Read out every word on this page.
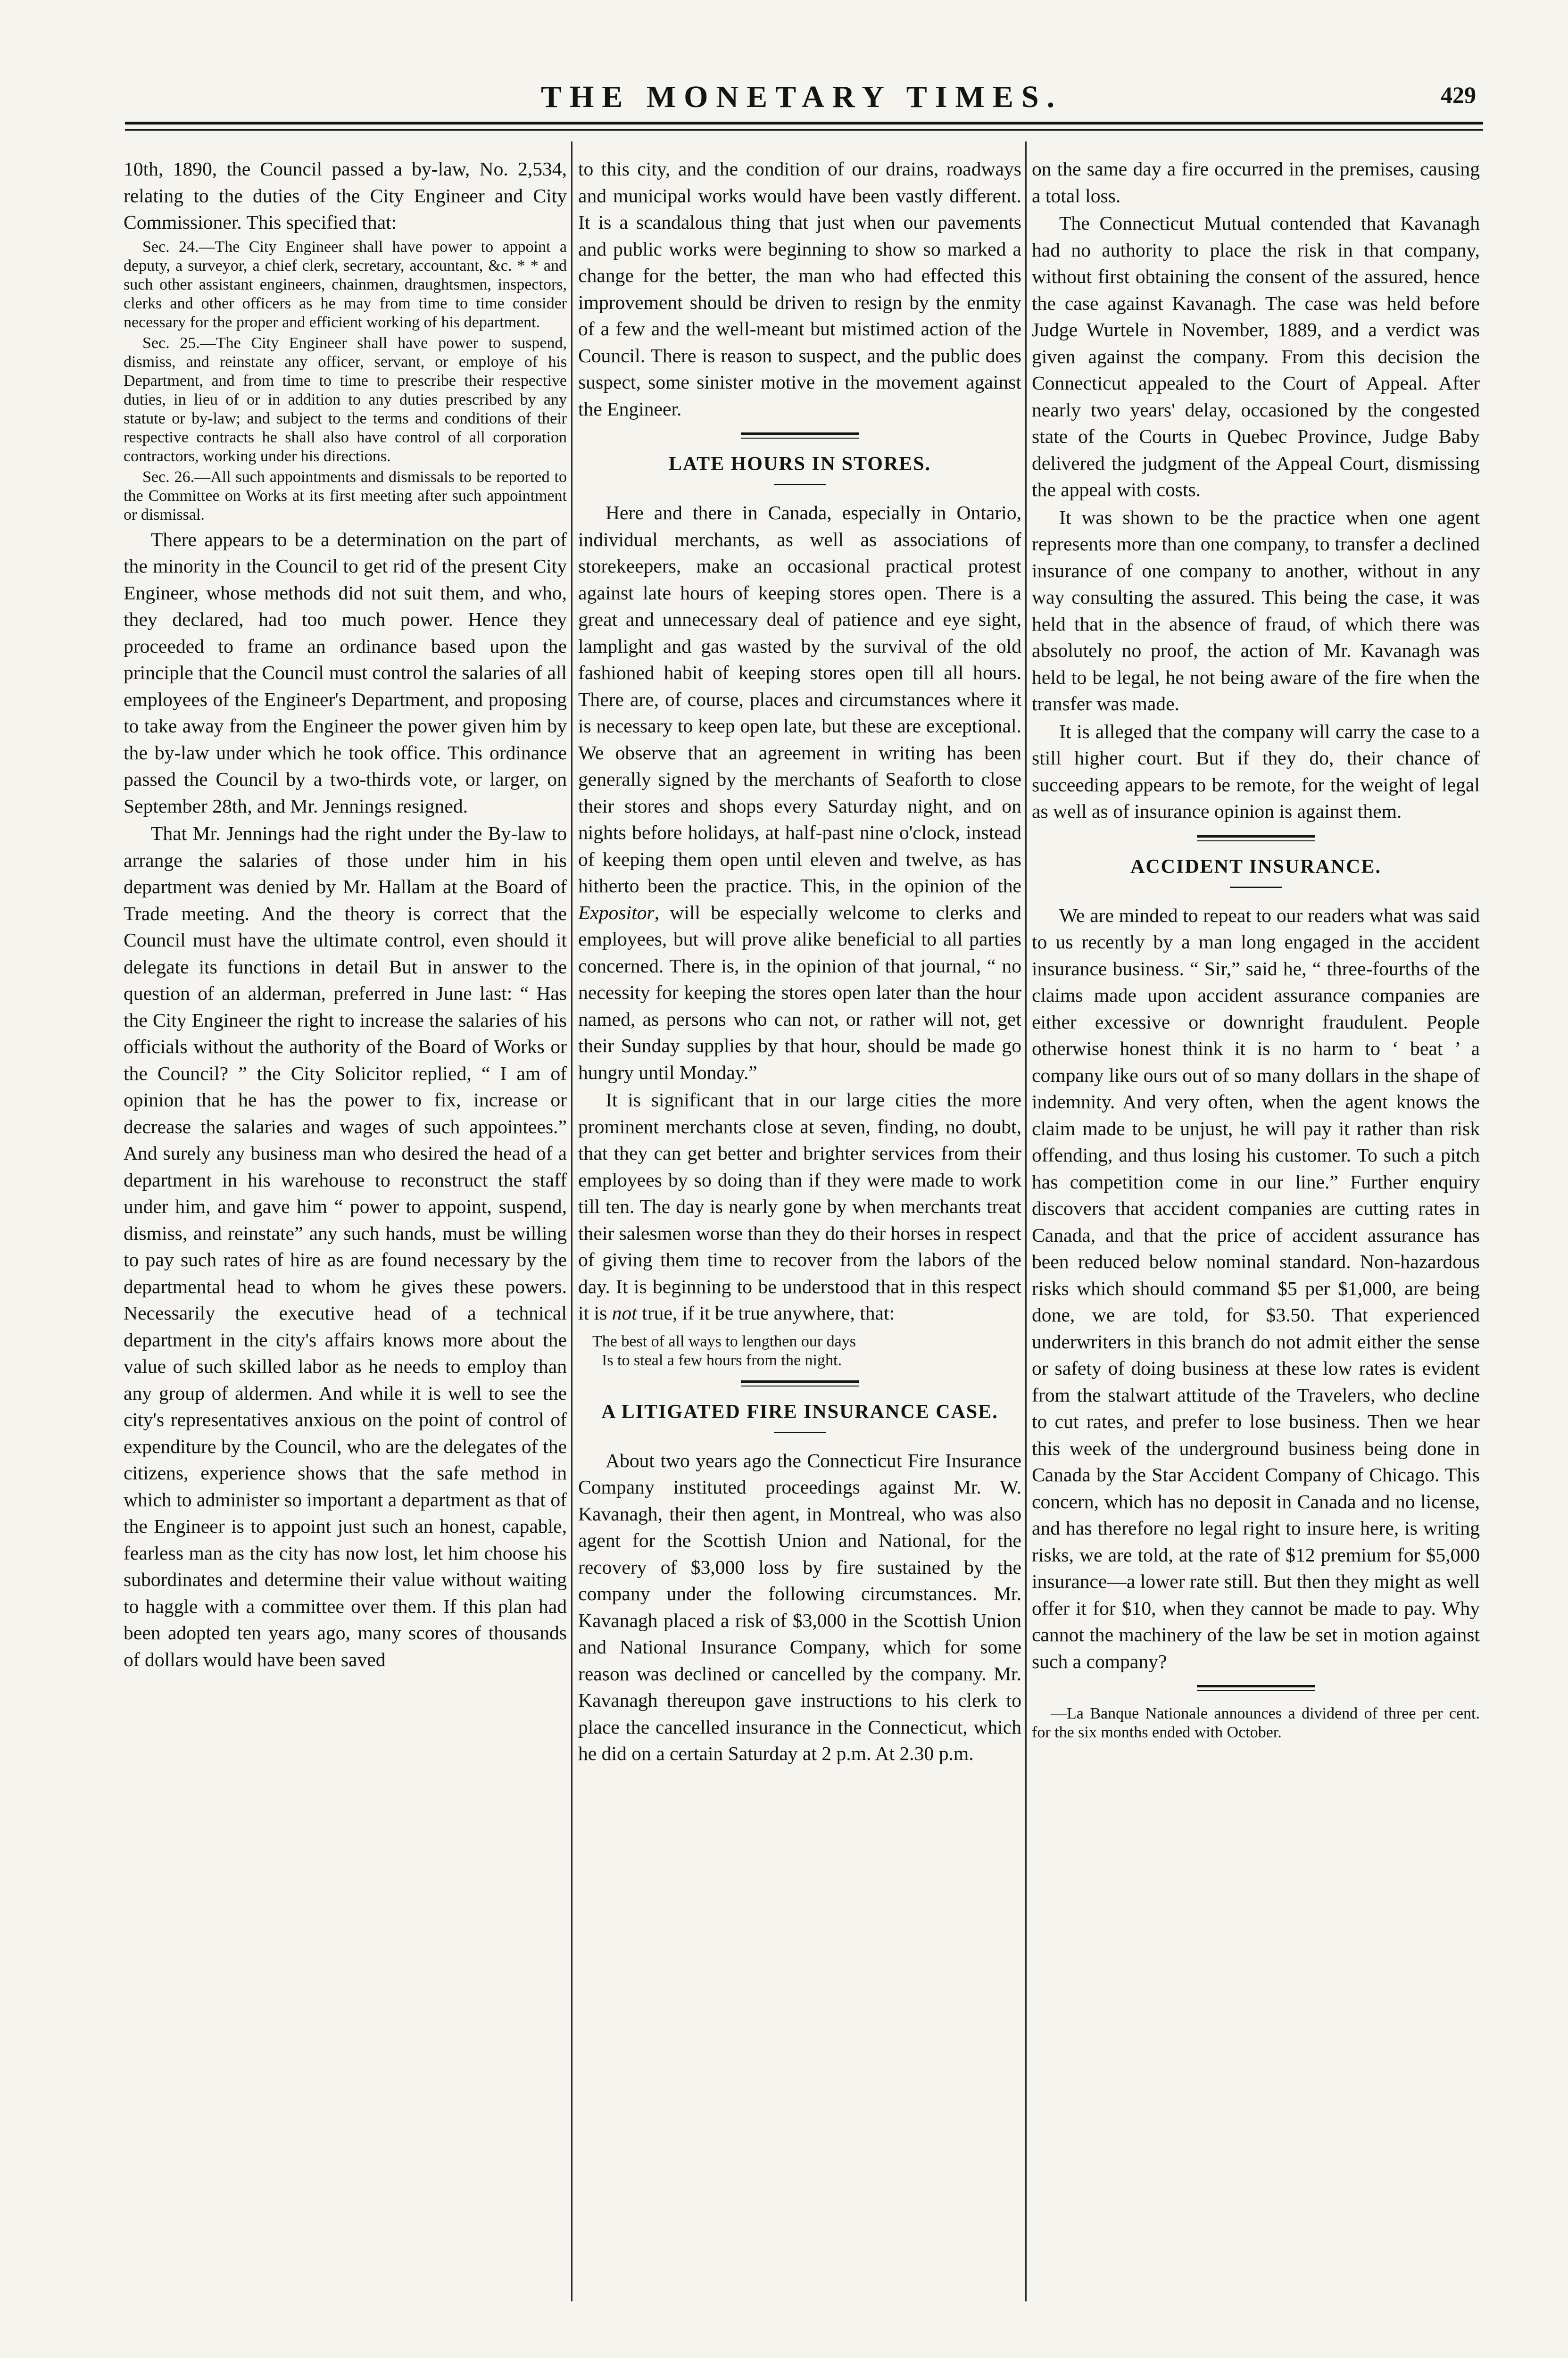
THE MONETARY TIMES.	429

10th, 1890, the Council passed a by-law, No. 2,534, relating to the duties of the City Engineer and City Commissioner. This specified that:

Sec. 24.—The City Engineer shall have power to appoint a deputy, a surveyor, a chief clerk, secretary, accountant, &c. * * and such other assistant engineers, chainmen, draughtsmen, inspectors, clerks and other officers as he may from time to time consider necessary for the proper and efficient working of his department.

Sec. 25.—The City Engineer shall have power to suspend, dismiss, and reinstate any officer, servant, or employe of his Department, and from time to time to prescribe their respective duties, in lieu of or in addition to any duties prescribed by any statute or by-law; and subject to the terms and conditions of their respective contracts he shall also have control of all corporation contractors, working under his directions.

Sec. 26.—All such appointments and dismissals to be reported to the Committee on Works at its first meeting after such appointment or dismissal.

There appears to be a determination on the part of the minority in the Council to get rid of the present City Engineer, whose methods did not suit them, and who, they declared, had too much power. Hence they proceeded to frame an ordinance based upon the principle that the Council must control the salaries of all employees of the Engineer's Department, and proposing to take away from the Engineer the power given him by the by-law under which he took office. This ordinance passed the Council by a two-thirds vote, or larger, on September 28th, and Mr. Jennings resigned.

That Mr. Jennings had the right under the By-law to arrange the salaries of those under him in his department was denied by Mr. Hallam at the Board of Trade meeting. And the theory is correct that the Council must have the ultimate control, even should it delegate its functions in detail But in answer to the question of an alderman, preferred in June last: “ Has the City Engineer the right to increase the salaries of his officials without the authority of the Board of Works or the Council? ” the City Solicitor replied, “ I am of opinion that he has the power to fix, increase or decrease the salaries and wages of such appointees.” And surely any business man who desired the head of a department in his warehouse to reconstruct the staff under him, and gave him “ power to appoint, suspend, dismiss, and reinstate” any such hands, must be willing to pay such rates of hire as are found necessary by the departmental head to whom he gives these powers. Necessarily the executive head of a technical department in the city's affairs knows more about the value of such skilled labor as he needs to employ than any group of aldermen. And while it is well to see the city's representatives anxious on the point of control of expenditure by the Council, who are the delegates of the citizens, experience shows that the safe method in which to administer so important a department as that of the Engineer is to appoint just such an honest, capable, fearless man as the city has now lost, let him choose his subordinates and determine their value without waiting to haggle with a committee over them. If this plan had been adopted ten years ago, many scores of thousands of dollars would have been saved

to this city, and the condition of our drains, roadways and municipal works would have been vastly different. It is a scandalous thing that just when our pavements and public works were beginning to show so marked a change for the better, the man who had effected this improvement should be driven to resign by the enmity of a few and the well-meant but mistimed action of the Council. There is reason to suspect, and the public does suspect, some sinister motive in the movement against the Engineer.

LATE HOURS IN STORES.

Here and there in Canada, especially in Ontario, individual merchants, as well as associations of storekeepers, make an occasional practical protest against late hours of keeping stores open. There is a great and unnecessary deal of patience and eye sight, lamplight and gas wasted by the survival of the old fashioned habit of keeping stores open till all hours. There are, of course, places and circumstances where it is necessary to keep open late, but these are exceptional. We observe that an agreement in writing has been generally signed by the merchants of Seaforth to close their stores and shops every Saturday night, and on nights before holidays, at half-past nine o'clock, instead of keeping them open until eleven and twelve, as has hitherto been the practice. This, in the opinion of the Expositor, will be especially welcome to clerks and employees, but will prove alike beneficial to all parties concerned. There is, in the opinion of that journal, “ no necessity for keeping the stores open later than the hour named, as persons who can not, or rather will not, get their Sunday supplies by that hour, should be made go hungry until Monday.”

It is significant that in our large cities the more prominent merchants close at seven, finding, no doubt, that they can get better and brighter services from their employees by so doing than if they were made to work till ten. The day is nearly gone by when merchants treat their salesmen worse than they do their horses in respect of giving them time to recover from the labors of the day. It is beginning to be understood that in this respect it is not true, if it be true anywhere, that:

The best of all ways to lengthen our days
Is to steal a few hours from the night.
A LITIGATED FIRE INSURANCE CASE.

About two years ago the Connecticut Fire Insurance Company instituted proceedings against Mr. W. Kavanagh, their then agent, in Montreal, who was also agent for the Scottish Union and National, for the recovery of $3,000 loss by fire sustained by the company under the following circumstances. Mr. Kavanagh placed a risk of $3,000 in the Scottish Union and National Insurance Company, which for some reason was declined or cancelled by the company. Mr. Kavanagh thereupon gave instructions to his clerk to place the cancelled insurance in the Connecticut, which he did on a certain Saturday at 2 p.m. At 2.30 p.m.

on the same day a fire occurred in the premises, causing a total loss.

The Connecticut Mutual contended that Kavanagh had no authority to place the risk in that company, without first obtaining the consent of the assured, hence the case against Kavanagh. The case was held before Judge Wurtele in November, 1889, and a verdict was given against the company. From this decision the Connecticut appealed to the Court of Appeal. After nearly two years' delay, occasioned by the congested state of the Courts in Quebec Province, Judge Baby delivered the judgment of the Appeal Court, dismissing the appeal with costs.

It was shown to be the practice when one agent represents more than one company, to transfer a declined insurance of one company to another, without in any way consulting the assured. This being the case, it was held that in the absence of fraud, of which there was absolutely no proof, the action of Mr. Kavanagh was held to be legal, he not being aware of the fire when the transfer was made.

It is alleged that the company will carry the case to a still higher court. But if they do, their chance of succeeding appears to be remote, for the weight of legal as well as of insurance opinion is against them.

ACCIDENT INSURANCE.

We are minded to repeat to our readers what was said to us recently by a man long engaged in the accident insurance business. “ Sir,” said he, “ three-fourths of the claims made upon accident assurance companies are either excessive or downright fraudulent. People otherwise honest think it is no harm to ‘ beat ’ a company like ours out of so many dollars in the shape of indemnity. And very often, when the agent knows the claim made to be unjust, he will pay it rather than risk offending, and thus losing his customer. To such a pitch has competition come in our line.” Further enquiry discovers that accident companies are cutting rates in Canada, and that the price of accident assurance has been reduced below nominal standard. Non-hazardous risks which should command $5 per $1,000, are being done, we are told, for $3.50. That experienced underwriters in this branch do not admit either the sense or safety of doing business at these low rates is evident from the stalwart attitude of the Travelers, who decline to cut rates, and prefer to lose business. Then we hear this week of the underground business being done in Canada by the Star Accident Company of Chicago. This concern, which has no deposit in Canada and no license, and has therefore no legal right to insure here, is writing risks, we are told, at the rate of $12 premium for $5,000 insurance—a lower rate still. But then they might as well offer it for $10, when they cannot be made to pay. Why cannot the machinery of the law be set in motion against such a company?

—La Banque Nationale announces a dividend of three per cent. for the six months ended with October.
